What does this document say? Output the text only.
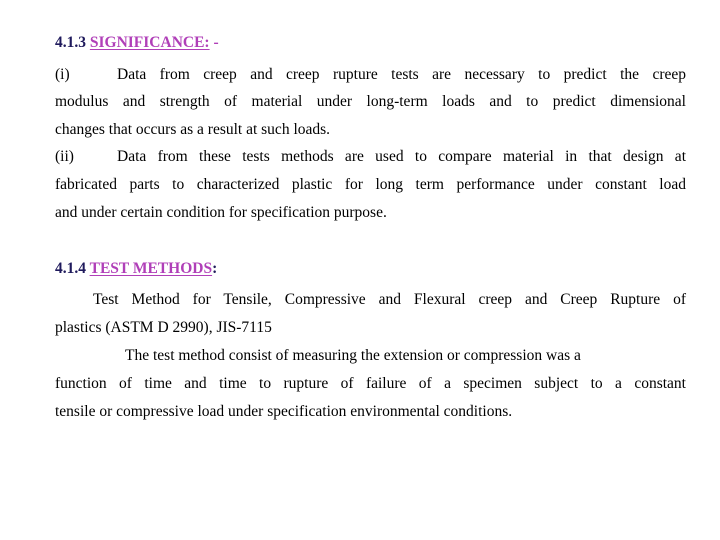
4.1.3 SIGNIFICANCE: -
(i)	Data from creep and creep rupture tests are necessary to predict the creep
modulus and strength of material under long-term loads and to predict dimensional
changes that occurs as a result at such loads.
(ii)	Data from these tests methods are used to compare material in that design at
fabricated parts to characterized plastic for long term performance under constant load
and under certain condition for specification purpose.
4.1.4 TEST METHODS:
Test Method for Tensile, Compressive and Flexural creep and Creep Rupture of
plastics (ASTM D 2990), JIS-7115
The test method consist of measuring the extension or compression was a
function of time and time to rupture of failure of a specimen subject to a constant
tensile or compressive load under specification environmental conditions.
